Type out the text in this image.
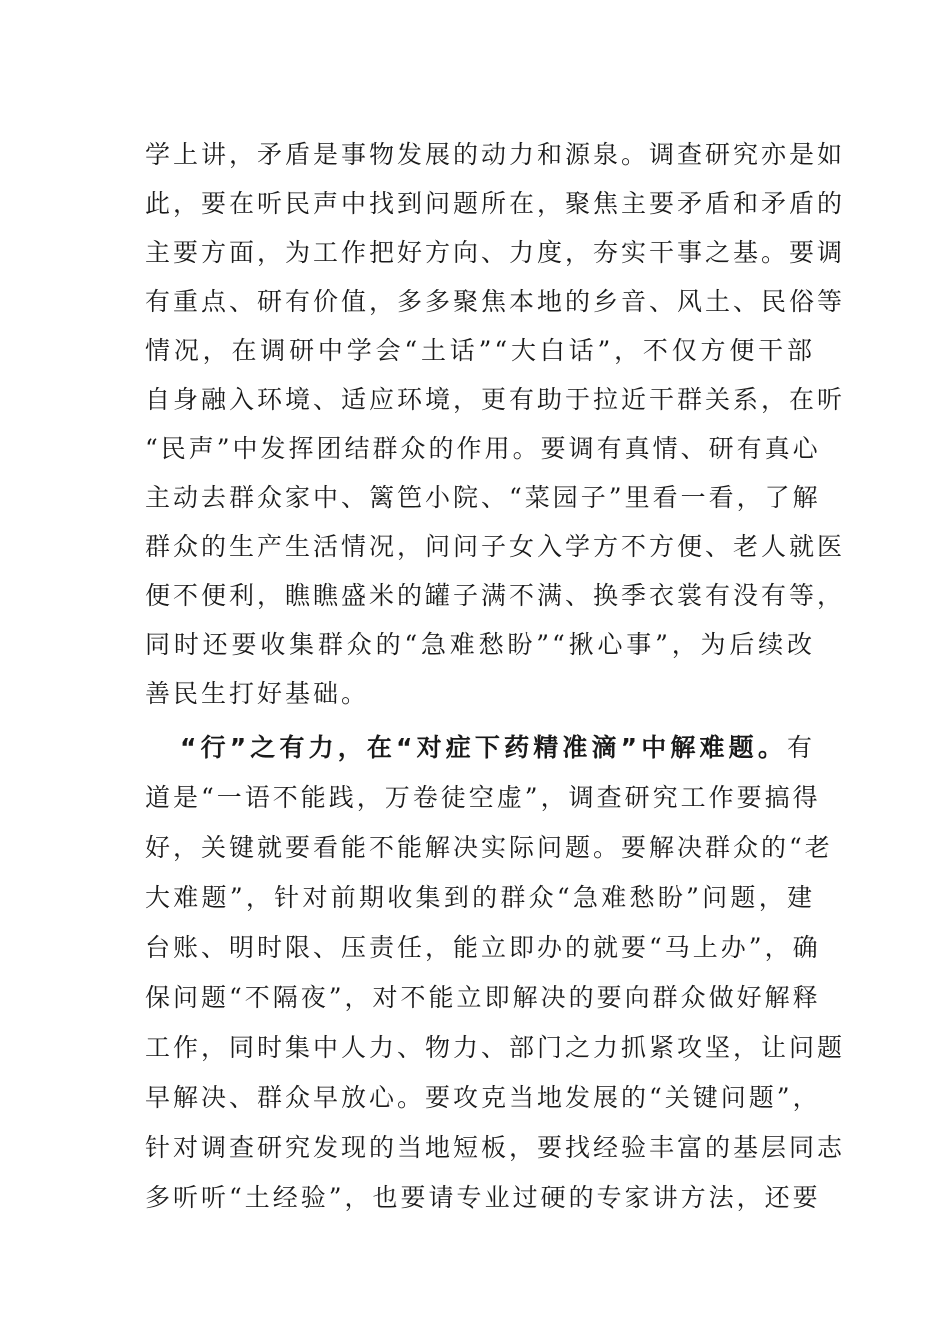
学上讲，矛盾是事物发展的动力和源泉。调查研究亦是如
此，要在听民声中找到问题所在，聚焦主要矛盾和矛盾的
主要方面，为工作把好方向、力度，夯实干事之基。要调
有重点、研有价值，多多聚焦本地的乡音、风土、民俗等
情况，在调研中学会“土话”“大白话”，不仅方便干部
自身融入环境、适应环境，更有助于拉近干群关系，在听
“民声”中发挥团结群众的作用。要调有真情、研有真心
主动去群众家中、篱笆小院、“菜园子”里看一看，了解
群众的生产生活情况，问问子女入学方不方便、老人就医
便不便利，瞧瞧盛米的罐子满不满、换季衣裳有没有等，
同时还要收集群众的“急难愁盼”“揪心事”，为后续改
善民生打好基础。
“行”之有力，在“对症下药精准滴”中解难题。有
道是“一语不能践，万卷徒空虚”，调查研究工作要搞得
好，关键就要看能不能解决实际问题。要解决群众的“老
大难题”，针对前期收集到的群众“急难愁盼”问题，建
台账、明时限、压责任，能立即办的就要“马上办”，确
保问题“不隔夜”，对不能立即解决的要向群众做好解释
工作，同时集中人力、物力、部门之力抓紧攻坚，让问题
早解决、群众早放心。要攻克当地发展的“关键问题”，
针对调查研究发现的当地短板，要找经验丰富的基层同志
多听听“土经验”，也要请专业过硬的专家讲方法，还要
